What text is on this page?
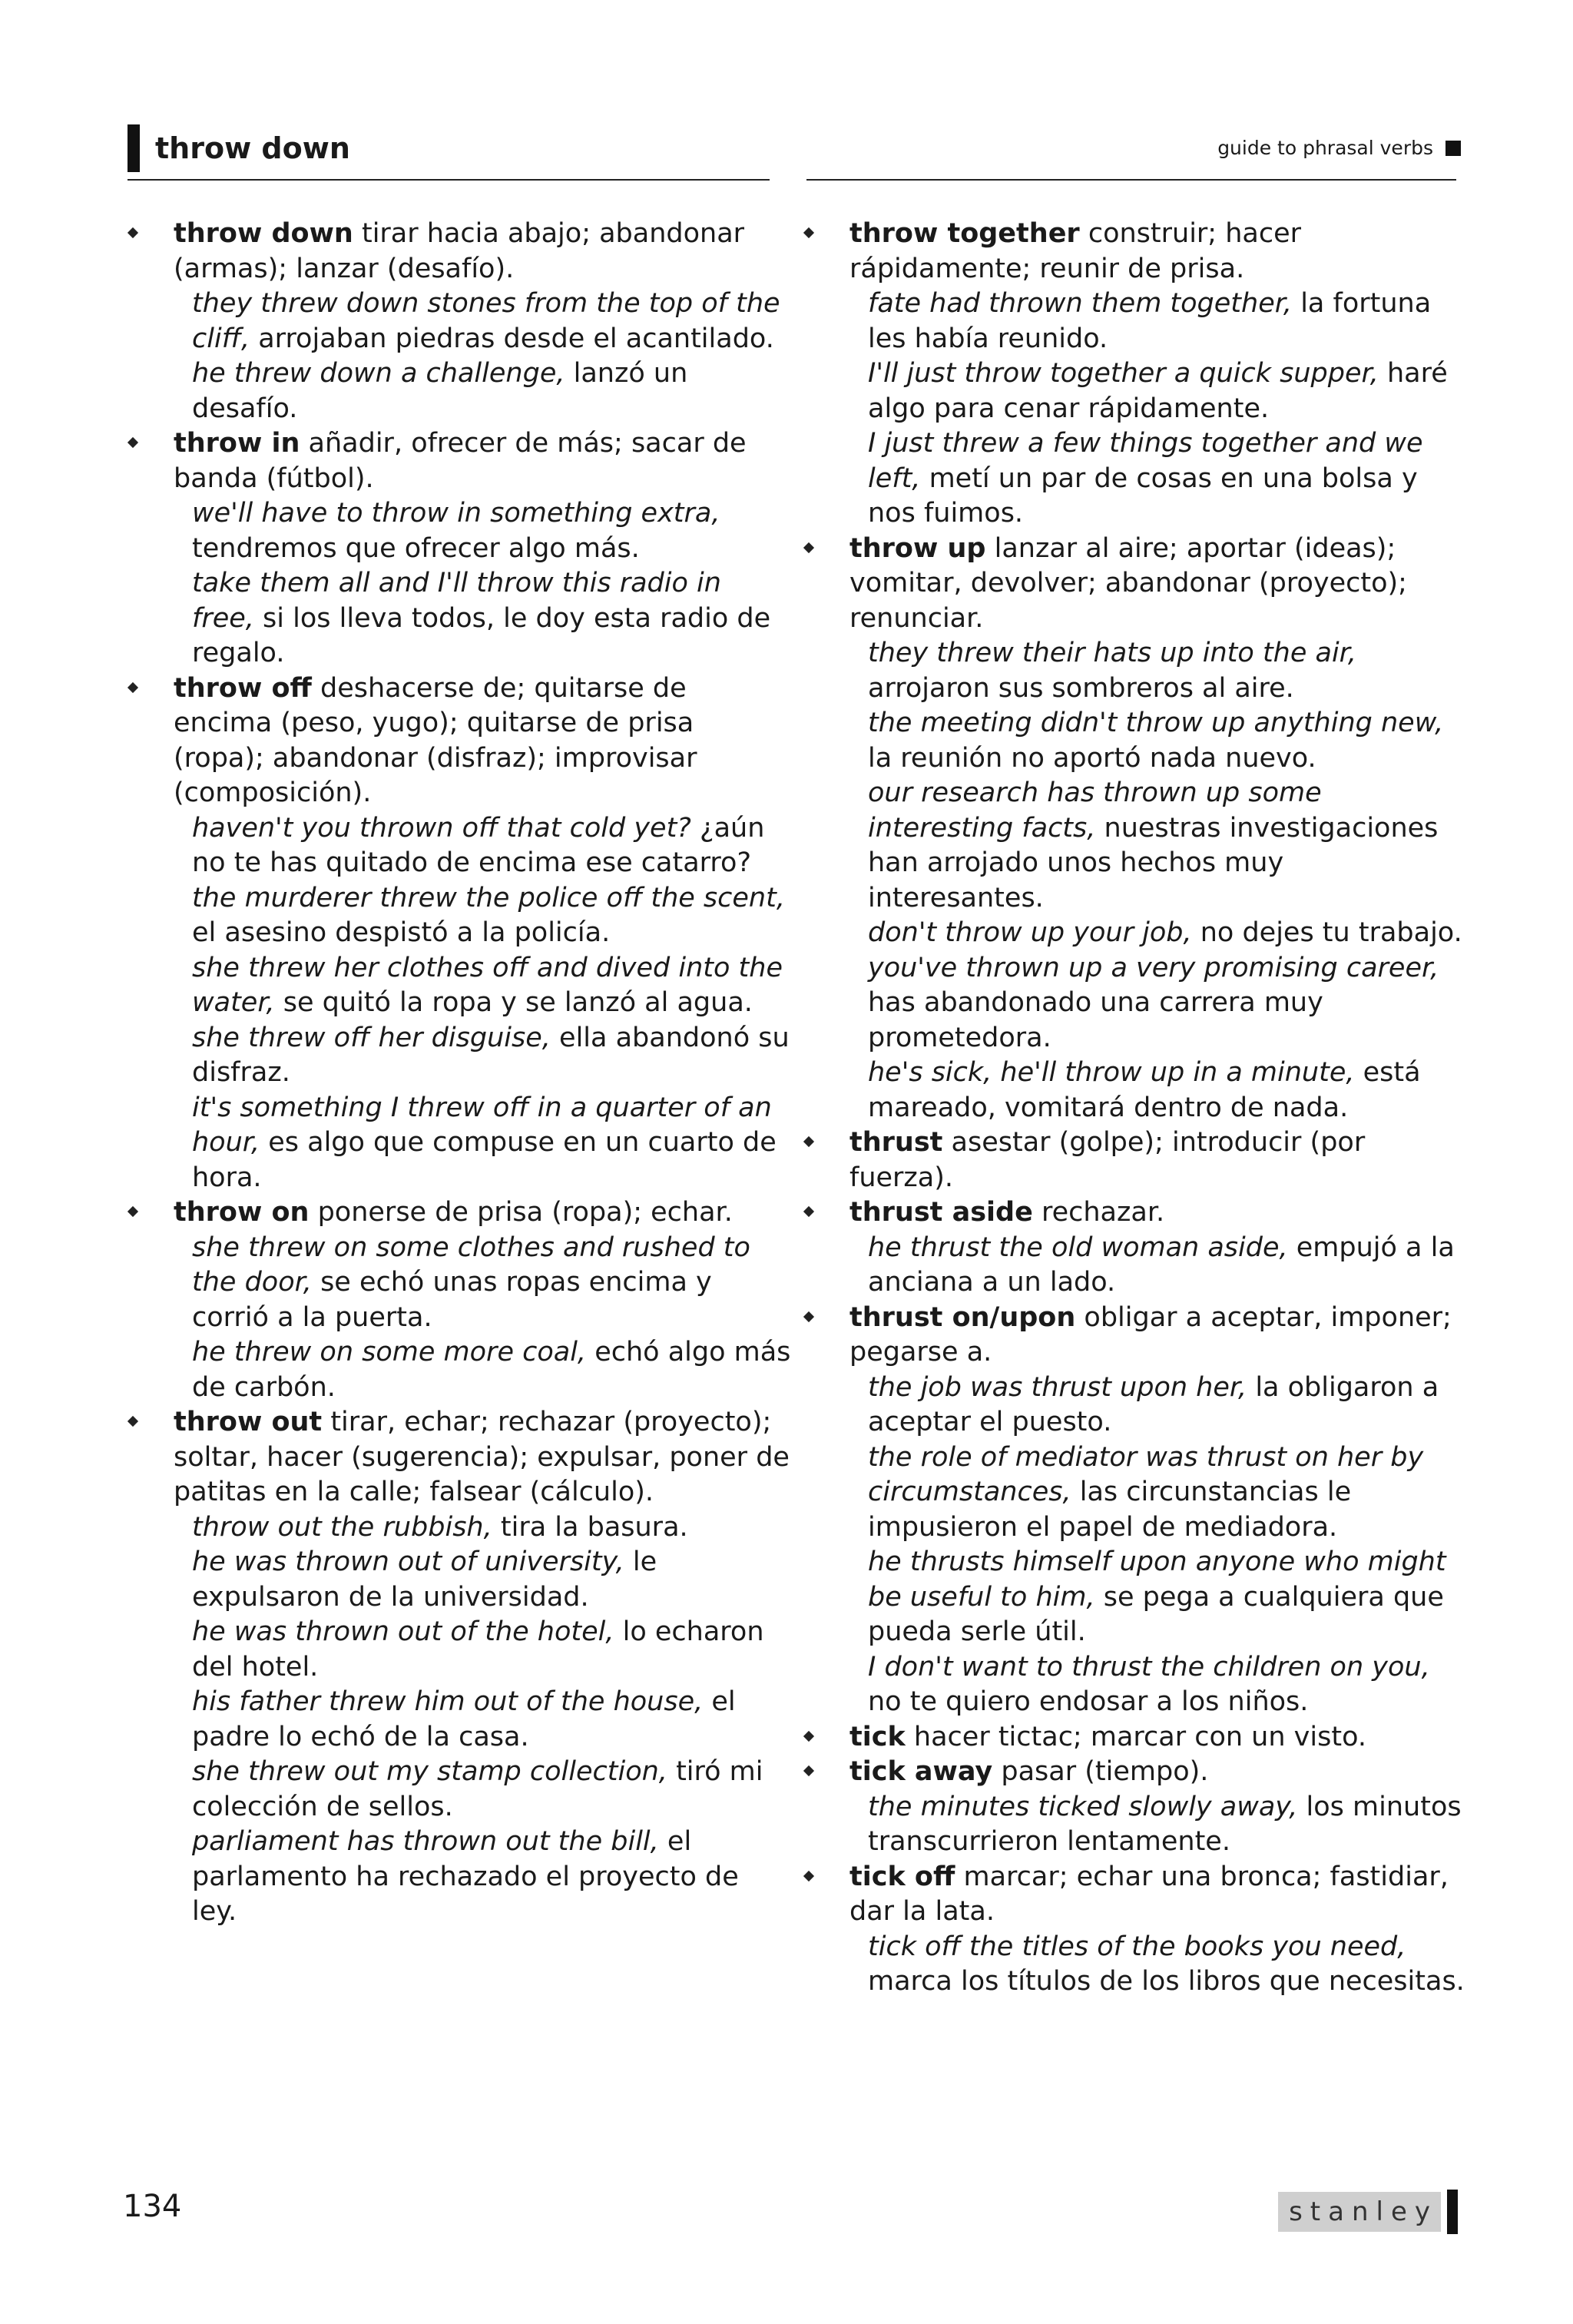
throw down	guide to phrasal verbs
throw down tirar hacia abajo; abandonar (armas); lanzar (desafío).
they threw down stones from the top of the cliff, arrojaban piedras desde el acantilado.
he threw down a challenge, lanzó un desafío.
throw in añadir, ofrecer de más; sacar de banda (fútbol).
we'll have to throw in something extra, tendremos que ofrecer algo más.
take them all and I'll throw this radio in free, si los lleva todos, le doy esta radio de regalo.
throw off deshacerse de; quitarse de encima (peso, yugo); quitarse de prisa (ropa); abandonar (disfraz); improvisar (composición).
haven't you thrown off that cold yet? ¿aún no te has quitado de encima ese catarro?
the murderer threw the police off the scent, el asesino despistó a la policía.
she threw her clothes off and dived into the water, se quitó la ropa y se lanzó al agua.
she threw off her disguise, ella abandonó su disfraz.
it's something I threw off in a quarter of an hour, es algo que compuse en un cuarto de hora.
throw on ponerse de prisa (ropa); echar.
she threw on some clothes and rushed to the door, se echó unas ropas encima y corrió a la puerta.
he threw on some more coal, echó algo más de carbón.
throw out tirar, echar; rechazar (proyecto); soltar, hacer (sugerencia); expulsar, poner de patitas en la calle; falsear (cálculo).
throw out the rubbish, tira la basura.
he was thrown out of university, le expulsaron de la universidad.
he was thrown out of the hotel, lo echaron del hotel.
his father threw him out of the house, el padre lo echó de la casa.
she threw out my stamp collection, tiró mi colección de sellos.
parliament has thrown out the bill, el parlamento ha rechazado el proyecto de ley.
throw together construir; hacer rápidamente; reunir de prisa.
fate had thrown them together, la fortuna les había reunido.
I'll just throw together a quick supper, haré algo para cenar rápidamente.
I just threw a few things together and we left, metí un par de cosas en una bolsa y nos fuimos.
throw up lanzar al aire; aportar (ideas); vomitar, devolver; abandonar (proyecto); renunciar.
they threw their hats up into the air, arrojaron sus sombreros al aire.
the meeting didn't throw up anything new, la reunión no aportó nada nuevo.
our research has thrown up some interesting facts, nuestras investigaciones han arrojado unos hechos muy interesantes.
don't throw up your job, no dejes tu trabajo.
you've thrown up a very promising career, has abandonado una carrera muy prometedora.
he's sick, he'll throw up in a minute, está mareado, vomitará dentro de nada.
thrust asestar (golpe); introducir (por fuerza).
thrust aside rechazar.
he thrust the old woman aside, empujó a la anciana a un lado.
thrust on/upon obligar a aceptar, imponer; pegarse a.
the job was thrust upon her, la obligaron a aceptar el puesto.
the role of mediator was thrust on her by circumstances, las circunstancias le impusieron el papel de mediadora.
he thrusts himself upon anyone who might be useful to him, se pega a cualquiera que pueda serle útil.
I don't want to thrust the children on you, no te quiero endosar a los niños.
tick hacer tictac; marcar con un visto.
tick away pasar (tiempo).
the minutes ticked slowly away, los minutos transcurrieron lentamente.
tick off marcar; echar una bronca; fastidiar, dar la lata.
tick off the titles of the books you need, marca los títulos de los libros que necesitas.
134	stanley
